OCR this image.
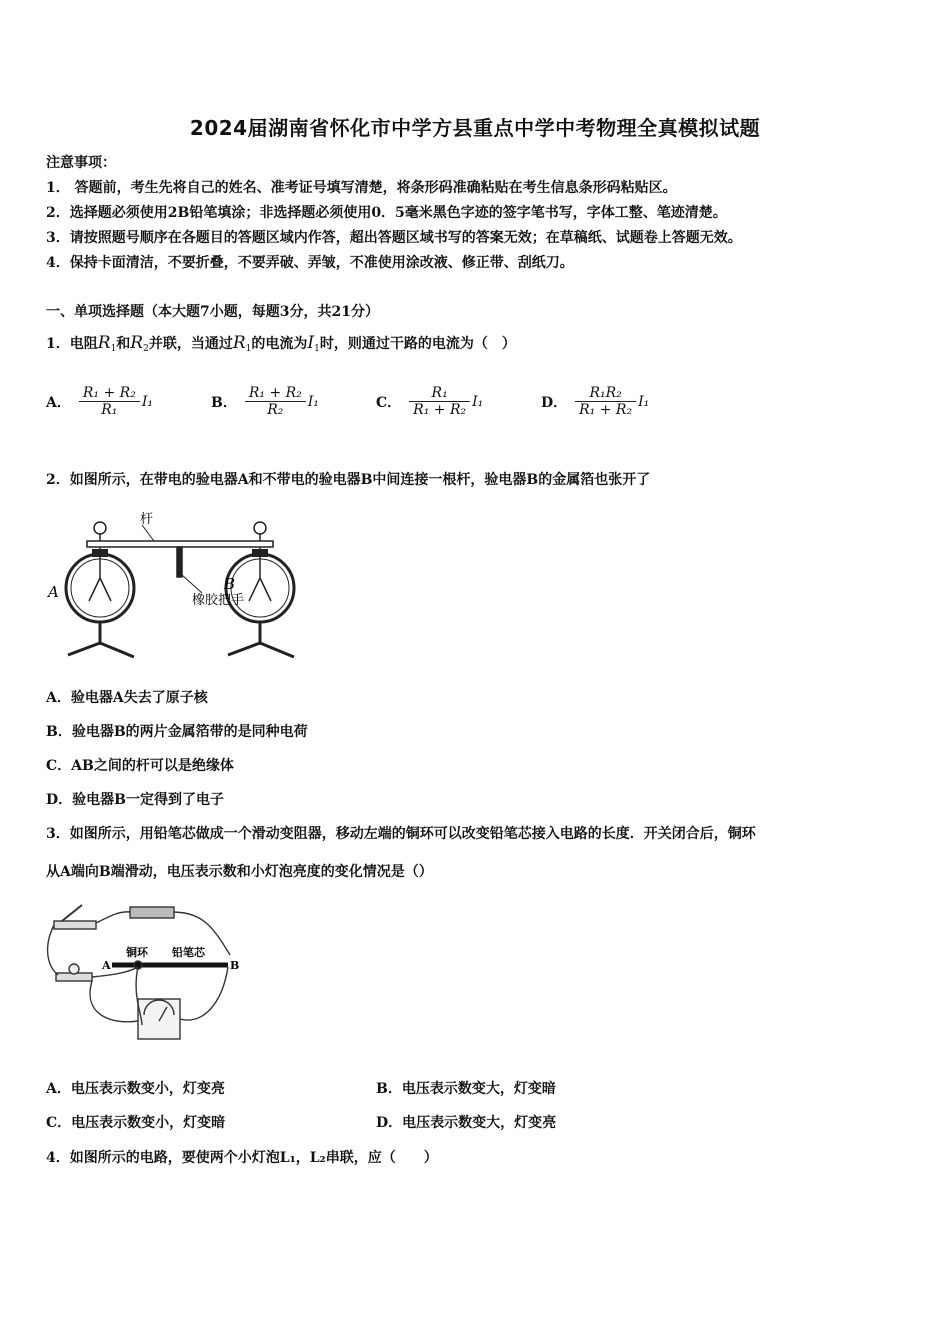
2024届湖南省怀化市中学方县重点中学中考物理全真模拟试题
注意事项：
1． 答题前，考生先将自己的姓名、准考证号填写清楚，将条形码准确粘贴在考生信息条形码粘贴区。
2．选择题必须使用2B铅笔填涂；非选择题必须使用0．5毫米黑色字迹的签字笔书写，字体工整、笔迹清楚。
3．请按照题号顺序在各题目的答题区域内作答，超出答题区域书写的答案无效；在草稿纸、试题卷上答题无效。
4．保持卡面清洁，不要折叠，不要弄破、弄皱，不准使用涂改液、修正带、刮纸刀。
一、单项选择题（本大题7小题，每题3分，共21分）
1．电阻$R_1$和$R_2$并联，当通过$R_1$的电流为$I_1$时，则通过干路的电流为（　）
A． $\frac{\text{R₁ + R₂}}{\text{R₁}} I_1$	B． $\frac{\text{R₁ + R₂}}{\text{R₂}} I_1$	C． $\frac{\text{R₁}}{\text{R₁ + R₂}} I_1$	D． $\frac{\text{R₁R₂}}{\text{R₁ + R₂}} I_1$
2．如图所示，在带电的验电器A和不带电的验电器B中间连接一根杆，验电器B的金属箔也张开了
杆
橡胶把手
A	B
A．验电器A失去了原子核
B．验电器B的两片金属箔带的是同种电荷
C．AB之间的杆可以是绝缘体
D．验电器B一定得到了电子
3．如图所示，用铅笔芯做成一个滑动变阻器，移动左端的铜环可以改变铅笔芯接入电路的长度．开关闭合后，铜环
从A端向B端滑动，电压表示数和小灯泡亮度的变化情况是（）
A	B
铜环 铅笔芯
A．电压表示数变小，灯变亮	B．电压表示数变大，灯变暗
C．电压表示数变小，灯变暗	D．电压表示数变大，灯变亮
4．如图所示的电路，要使两个小灯泡L₁，L₂串联，应（　　）
